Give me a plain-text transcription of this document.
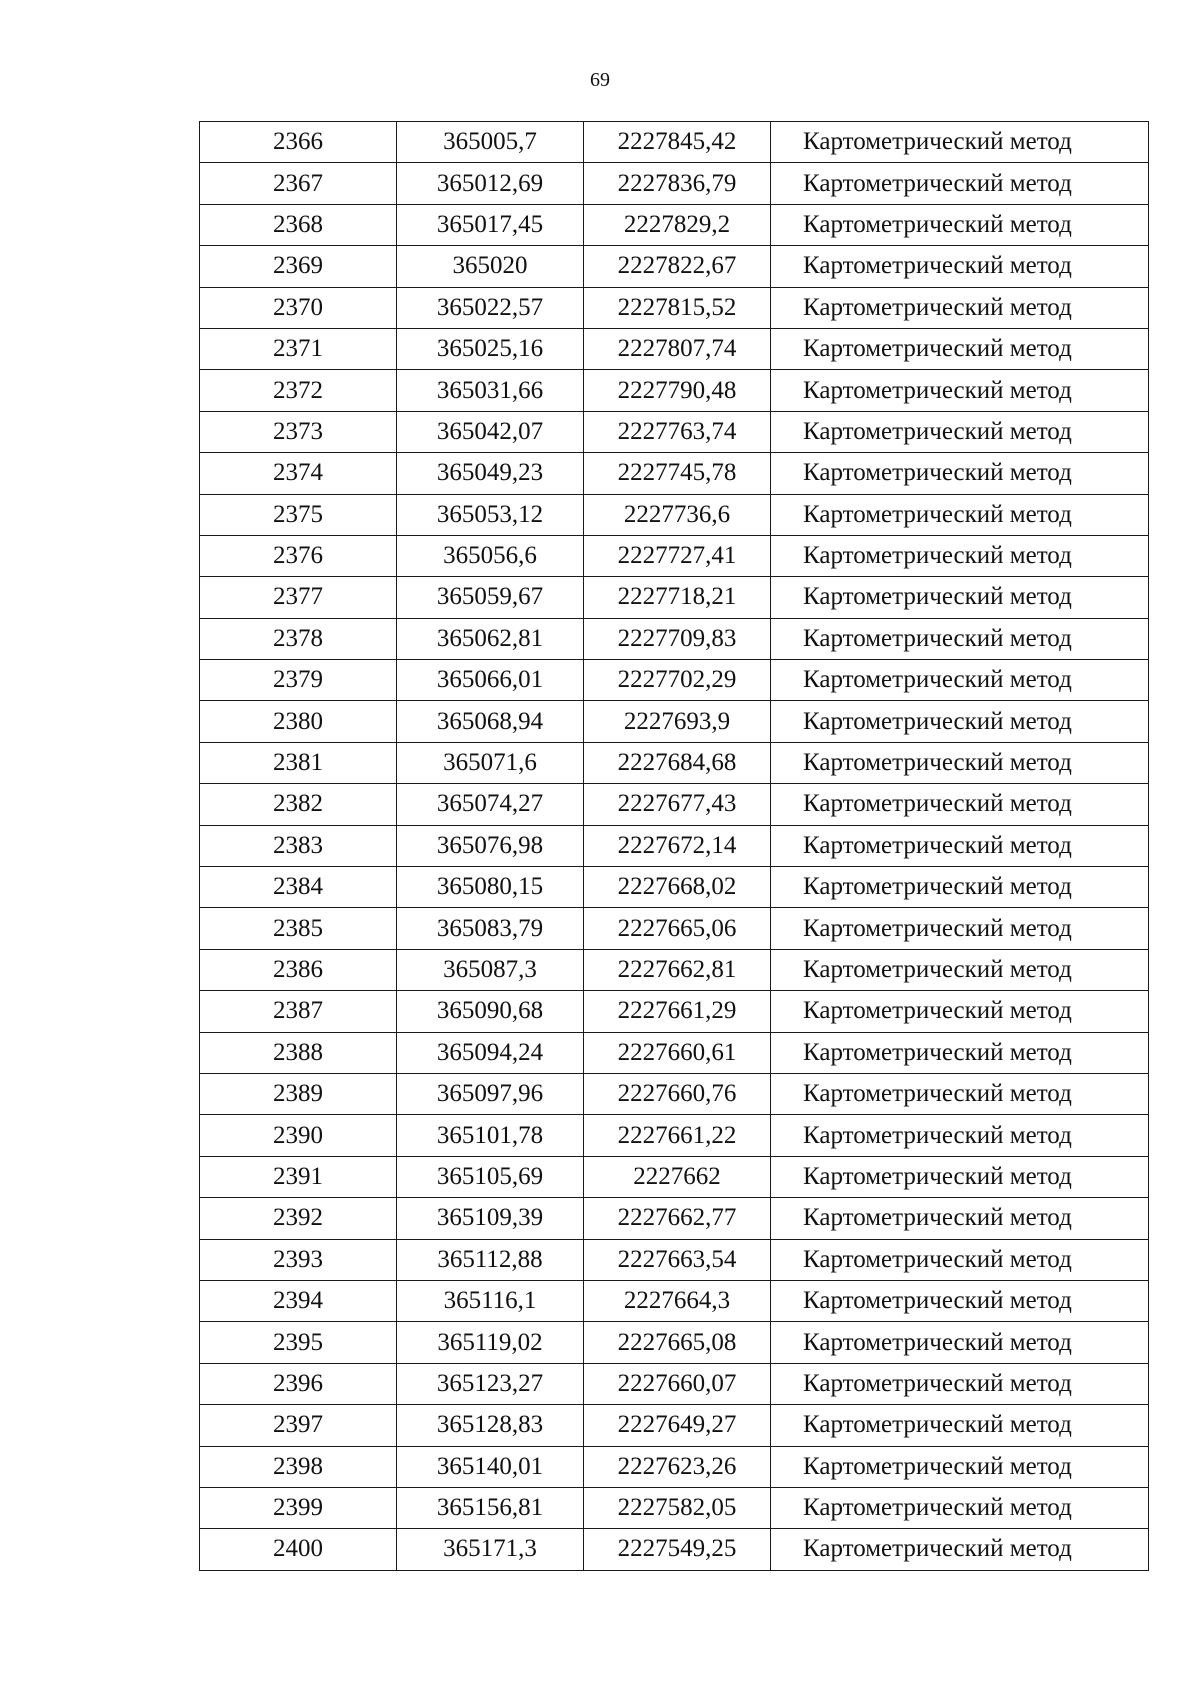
69
2366	365005,7	2227845,42	Картометрический метод
2367	365012,69	2227836,79	Картометрический метод
2368	365017,45	2227829,2	Картометрический метод
2369	365020	2227822,67	Картометрический метод
2370	365022,57	2227815,52	Картометрический метод
2371	365025,16	2227807,74	Картометрический метод
2372	365031,66	2227790,48	Картометрический метод
2373	365042,07	2227763,74	Картометрический метод
2374	365049,23	2227745,78	Картометрический метод
2375	365053,12	2227736,6	Картометрический метод
2376	365056,6	2227727,41	Картометрический метод
2377	365059,67	2227718,21	Картометрический метод
2378	365062,81	2227709,83	Картометрический метод
2379	365066,01	2227702,29	Картометрический метод
2380	365068,94	2227693,9	Картометрический метод
2381	365071,6	2227684,68	Картометрический метод
2382	365074,27	2227677,43	Картометрический метод
2383	365076,98	2227672,14	Картометрический метод
2384	365080,15	2227668,02	Картометрический метод
2385	365083,79	2227665,06	Картометрический метод
2386	365087,3	2227662,81	Картометрический метод
2387	365090,68	2227661,29	Картометрический метод
2388	365094,24	2227660,61	Картометрический метод
2389	365097,96	2227660,76	Картометрический метод
2390	365101,78	2227661,22	Картометрический метод
2391	365105,69	2227662	Картометрический метод
2392	365109,39	2227662,77	Картометрический метод
2393	365112,88	2227663,54	Картометрический метод
2394	365116,1	2227664,3	Картометрический метод
2395	365119,02	2227665,08	Картометрический метод
2396	365123,27	2227660,07	Картометрический метод
2397	365128,83	2227649,27	Картометрический метод
2398	365140,01	2227623,26	Картометрический метод
2399	365156,81	2227582,05	Картометрический метод
2400	365171,3	2227549,25	Картометрический метод
